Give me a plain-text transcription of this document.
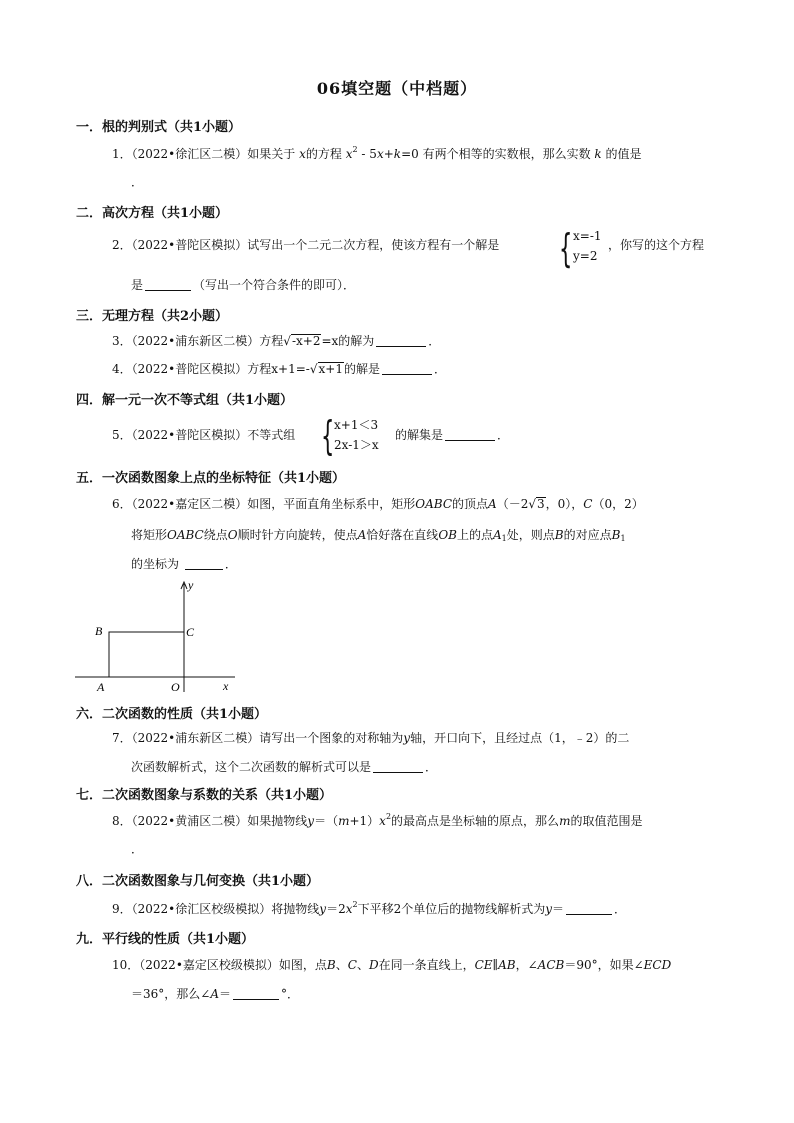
06填空题（中档题）
一．根的判别式（共1小题）
1．（2022•徐汇区二模）如果关于 x的方程 $x^2 - 5x+k=0$ 有两个相等的实数根，那么实数 k 的值是
．
二．高次方程（共1小题）
2．（2022•普陀区模拟）试写出一个二元二次方程，使该方程有一个解是 { x=-1
y=2
，你写的这个方程
是	（写出一个符合条件的即可）．
三．无理方程（共2小题）
3．（2022•浦东新区二模）方程√-x+2=x的解为	．
4．（2022•普陀区模拟）方程x+1=-√x+1的解是	．
四．解一元一次不等式组（共1小题）
5．（2022•普陀区模拟）不等式组 { x+1＜3
2x-1＞x
的解集是	．
五．一次函数图象上点的坐标特征（共1小题）
6．（2022•嘉定区二模）如图，平面直角坐标系中，矩形OABC的顶点A（－2√3，0），C（0，2）
将矩形OABC绕点O顺时针方向旋转，使点A恰好落在直线OB上的点$A_1$处，则点B的对应点$B_1$
的坐标为	．
y
x
O
A
B	C
六．二次函数的性质（共1小题）
7．（2022•浦东新区二模）请写出一个图象的对称轴为y轴，开口向下，且经过点（1，﹣2）的二
次函数解析式，这个二次函数的解析式可以是	．
七．二次函数图象与系数的关系（共1小题）
8．（2022•黄浦区二模）如果抛物线$y=(m+1)x^2$的最高点是坐标轴的原点，那么m的取值范围是
．
八．二次函数图象与几何变换（共1小题）
9．（2022•徐汇区校级模拟）将抛物线$y=2x^2$下平移2个单位后的抛物线解析式为y＝	．
九．平行线的性质（共1小题）
10．（2022•嘉定区校级模拟）如图，点B、C、D在同一条直线上，CE∥AB，∠ACB＝90°，如果∠ECD
＝36°，那么∠A＝	°．
